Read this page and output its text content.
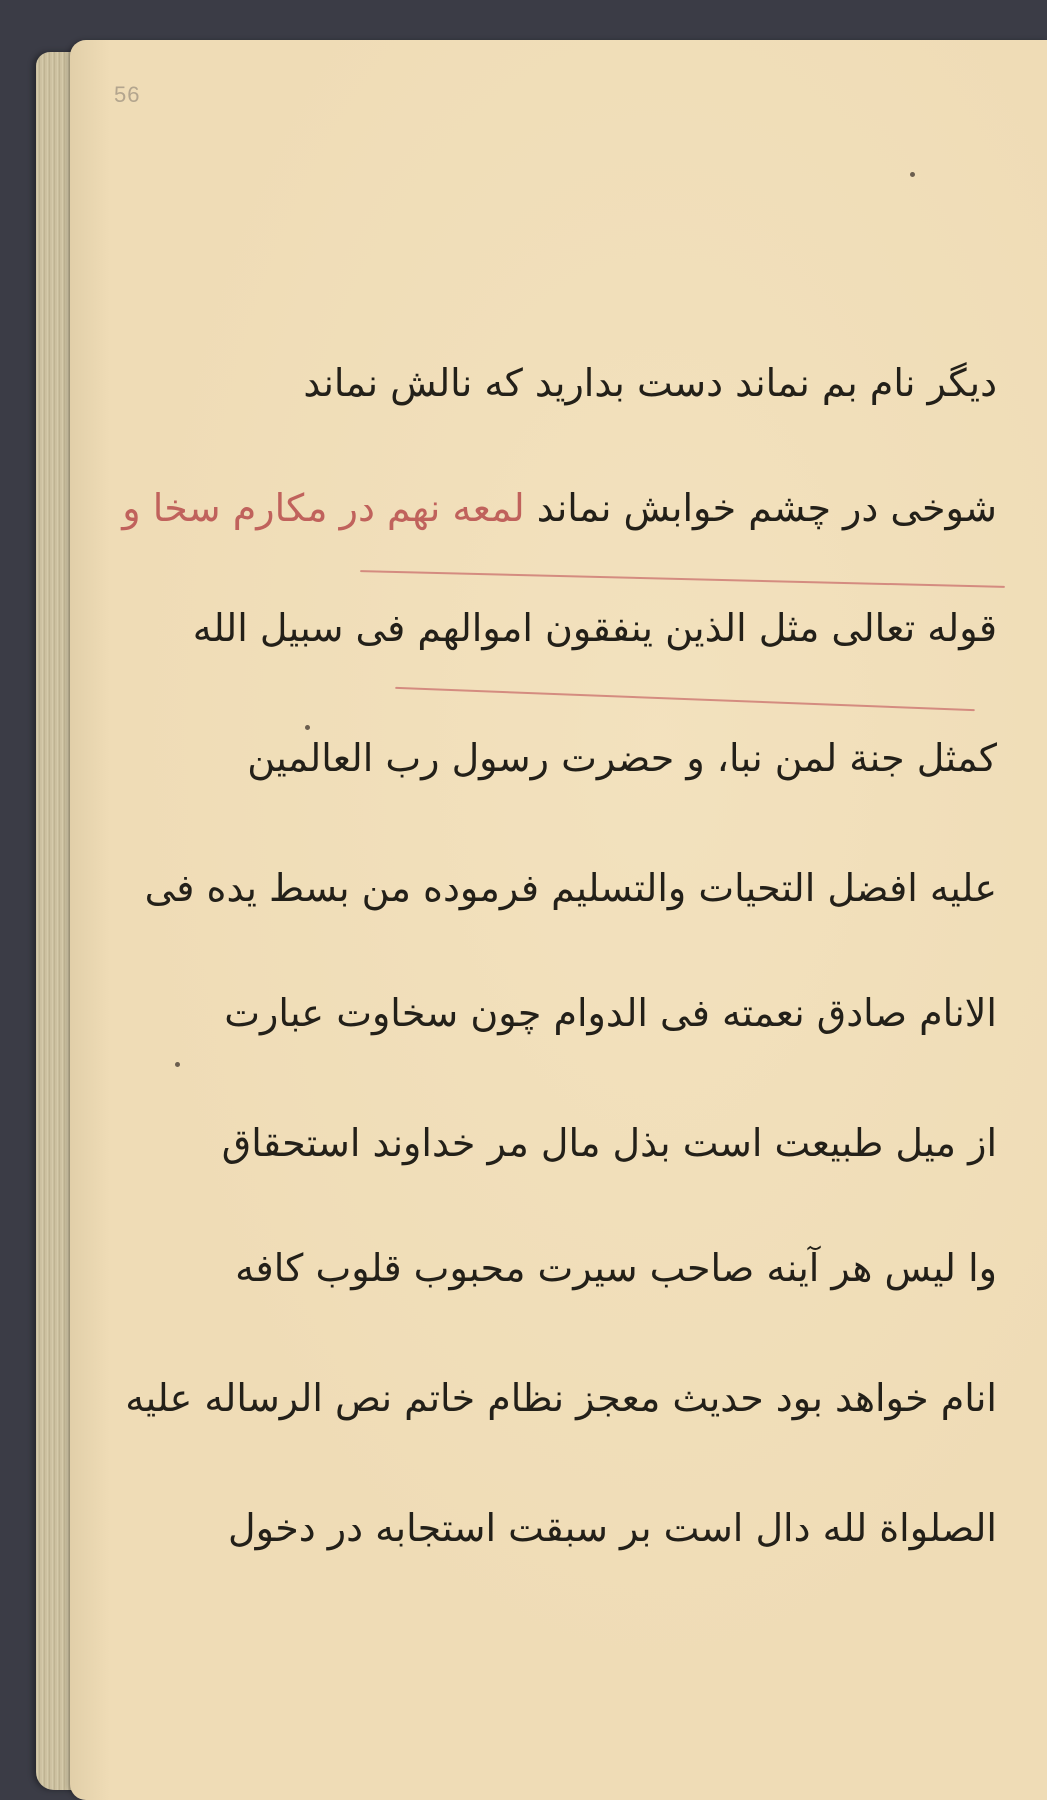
56
دیگر نام بم نماند دست بدارید که نالش نماند
شوخی در چشم خوابش نماند لمعه نهم در مکارم سخا و
قوله تعالی مثل الذین ینفقون اموالهم فی سبیل الله
کمثل جنة لمن نبا، و حضرت رسول رب العالمین
علیه افضل التحیات والتسلیم فرموده من بسط یده فی
الانام صادق نعمته فی الدوام چون سخاوت عبارت
از میل طبیعت است بذل مال مر خداوند استحقاق
وا لیس هر آینه صاحب سیرت محبوب قلوب کافه
انام خواهد بود حدیث معجز نظام خاتم نص الرساله علیه
الصلواة لله دال است بر سبقت استجابه در دخول
